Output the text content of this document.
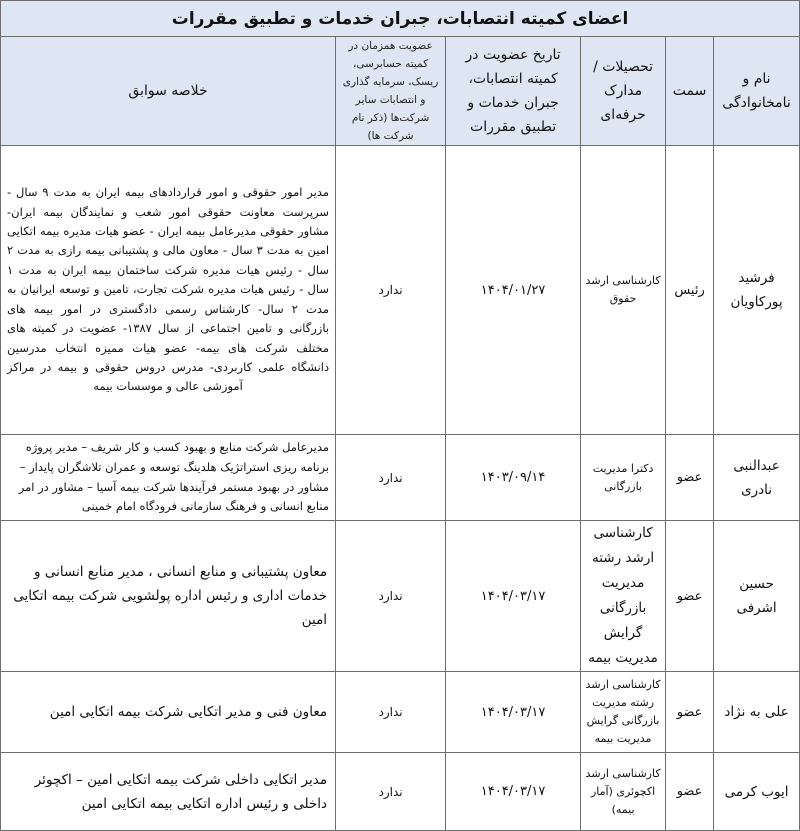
اعضای کمیته انتصابات، جبران خدمات و تطبیق مقررات					
نام و نامخانوادگی	سمت	تحصیلات / مدارک حرفه‌ای	تاریخ عضویت در کمیته انتصابات، جبران خدمات و تطبیق مقررات	عضویت همزمان در کمیته حسابرسی، ریسک، سرمایه گذاری و انتصابات سایر شرکت‌ها (ذکر نام شرکت ها)	خلاصه سوابق
فرشید پورکاویان	رئیس	کارشناسی ارشد حقوق	۱۴۰۴/۰۱/۲۷	ندارد	مدیر امور حقوقی و امور قراردادهای بیمه ایران به مدت ۹ سال - سرپرست معاونت حقوقی امور شعب و نمایندگان بیمه ایران- مشاور حقوقی مدیرعامل بیمه ایران - عضو هیات مدیره بیمه اتکایی امین به مدت ۳ سال - معاون مالی و پشتیبانی بیمه رازی به مدت ۲ سال - رئیس هیات مدیره شرکت ساختمان بیمه ایران به مدت ۱ سال - رئیس هیات مدیره شرکت تجارت، تامین و توسعه ایرانیان به مدت ۲ سال- کارشناس رسمی دادگستری در امور بیمه های بازرگانی و تامین اجتماعی از سال ۱۳۸۷- عضویت در کمیته های مختلف شرکت های بیمه- عضو هیات ممیزه انتخاب مدرسین دانشگاه علمی کاربردی- مدرس دروس حقوقی و بیمه در مراکز آموزشی عالی و موسسات بیمه
عبدالنبی نادری	عضو	دکترا مدیریت بازرگانی	۱۴۰۳/۰۹/۱۴	ندارد	مدیرعامل شرکت منابع و بهبود کسب و کار شریف – مدیر پروژه برنامه ریزی استراتژیک هلدینگ توسعه و عمران تلاشگران پایدار – مشاور در بهبود مستمر فرآیندها شرکت بیمه آسیا – مشاور در امر منابع انسانی و فرهنگ سازمانی فرودگاه امام خمینی
حسین اشرفی	عضو	کارشناسی ارشد رشته مدیریت بازرگانی گرایش مدیریت بیمه	۱۴۰۴/۰۳/۱۷	ندارد	معاون پشتیبانی و منابع انسانی ، مدیر منابع انسانی و خدمات اداری و رئیس اداره پولشویی شرکت بیمه اتکایی امین
علی به نژاد	عضو	کارشناسی ارشد رشته مدیریت بازرگانی گرایش مدیریت بیمه	۱۴۰۴/۰۳/۱۷	ندارد	معاون فنی و مدیر اتکایی شرکت بیمه اتکایی امین
ایوب کرمی	عضو	کارشناسی ارشد اکچوئری (آمار بیمه)	۱۴۰۴/۰۳/۱۷	ندارد	مدیر اتکایی داخلی شرکت بیمه اتکایی امین – اکچوئر داخلی و رئیس اداره اتکایی بیمه اتکایی امین
